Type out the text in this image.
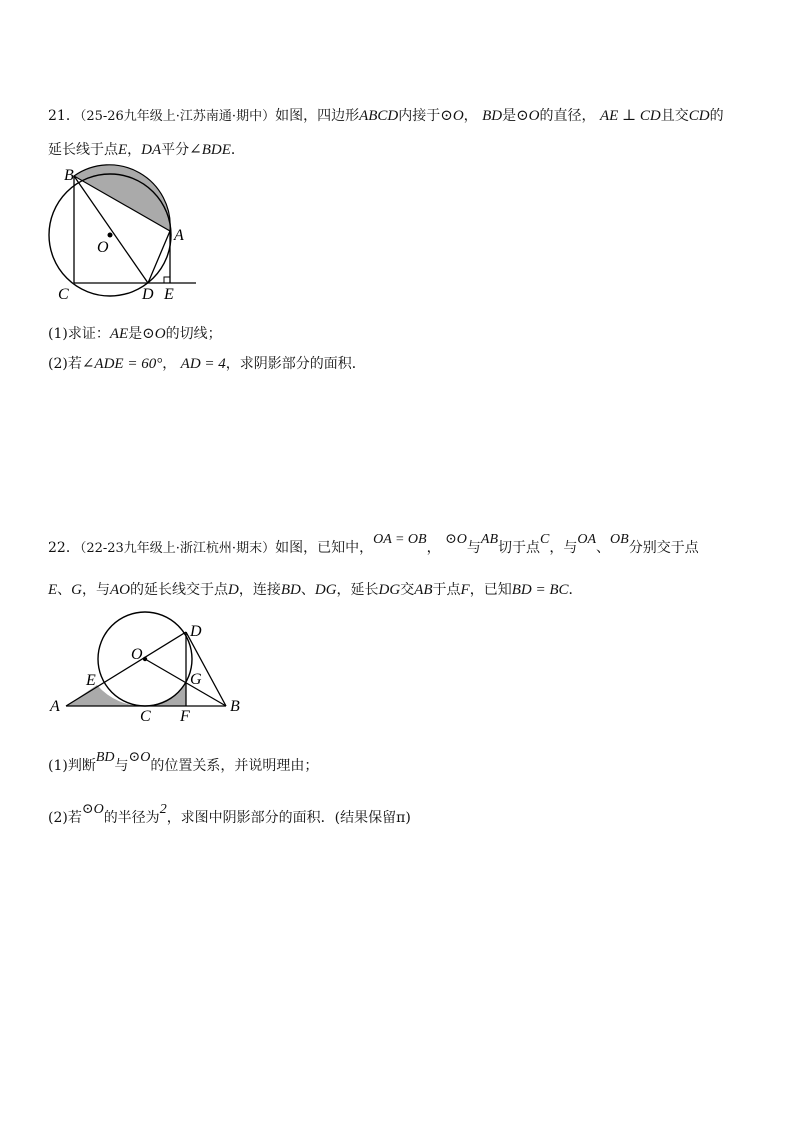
21．（25-26九年级上·江苏南通·期中）如图，四边形ABCD内接于⊙O， BD是⊙O的直径， AE ⊥ CD且交CD的
延长线于点E，DA平分∠BDE．
B
A
O
C	D E
(1)求证：AE是⊙O的切线；
(2)若∠ADE = 60°， AD = 4，求阴影部分的面积．
22．（22-23九年级上·浙江杭州·期末）如图，已知中，OA = OB， ⊙O与AB切于点C，与OA、OB分别交于点
E、G，与AO的延长线交于点D，连接BD、DG，延长DG交AB于点F，已知BD = BC．
D
O
E	G
A
C F
B
(1)判断BD与⊙O的位置关系，并说明理由；
(2)若⊙O的半径为2，求图中阴影部分的面积．(结果保留π)
